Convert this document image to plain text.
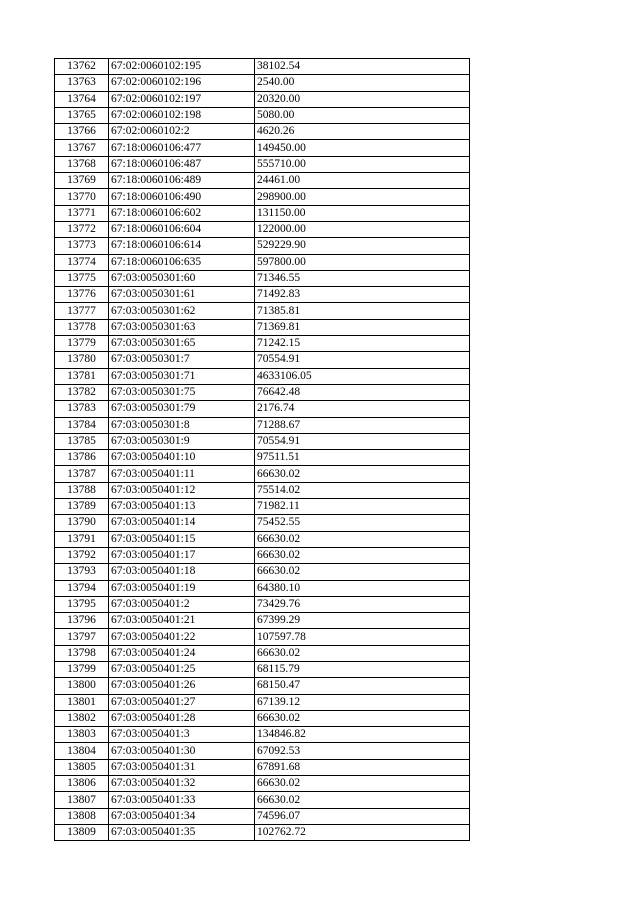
13762	67:02:0060102:195	38102.54
13763	67:02:0060102:196	2540.00
13764	67:02:0060102:197	20320.00
13765	67:02:0060102:198	5080.00
13766	67:02:0060102:2	4620.26
13767	67:18:0060106:477	149450.00
13768	67:18:0060106:487	555710.00
13769	67:18:0060106:489	24461.00
13770	67:18:0060106:490	298900.00
13771	67:18:0060106:602	131150.00
13772	67:18:0060106:604	122000.00
13773	67:18:0060106:614	529229.90
13774	67:18:0060106:635	597800.00
13775	67:03:0050301:60	71346.55
13776	67:03:0050301:61	71492.83
13777	67:03:0050301:62	71385.81
13778	67:03:0050301:63	71369.81
13779	67:03:0050301:65	71242.15
13780	67:03:0050301:7	70554.91
13781	67:03:0050301:71	4633106.05
13782	67:03:0050301:75	76642.48
13783	67:03:0050301:79	2176.74
13784	67:03:0050301:8	71288.67
13785	67:03:0050301:9	70554.91
13786	67:03:0050401:10	97511.51
13787	67:03:0050401:11	66630.02
13788	67:03:0050401:12	75514.02
13789	67:03:0050401:13	71982.11
13790	67:03:0050401:14	75452.55
13791	67:03:0050401:15	66630.02
13792	67:03:0050401:17	66630.02
13793	67:03:0050401:18	66630.02
13794	67:03:0050401:19	64380.10
13795	67:03:0050401:2	73429.76
13796	67:03:0050401:21	67399.29
13797	67:03:0050401:22	107597.78
13798	67:03:0050401:24	66630.02
13799	67:03:0050401:25	68115.79
13800	67:03:0050401:26	68150.47
13801	67:03:0050401:27	67139.12
13802	67:03:0050401:28	66630.02
13803	67:03:0050401:3	134846.82
13804	67:03:0050401:30	67092.53
13805	67:03:0050401:31	67891.68
13806	67:03:0050401:32	66630.02
13807	67:03:0050401:33	66630.02
13808	67:03:0050401:34	74596.07
13809	67:03:0050401:35	102762.72
